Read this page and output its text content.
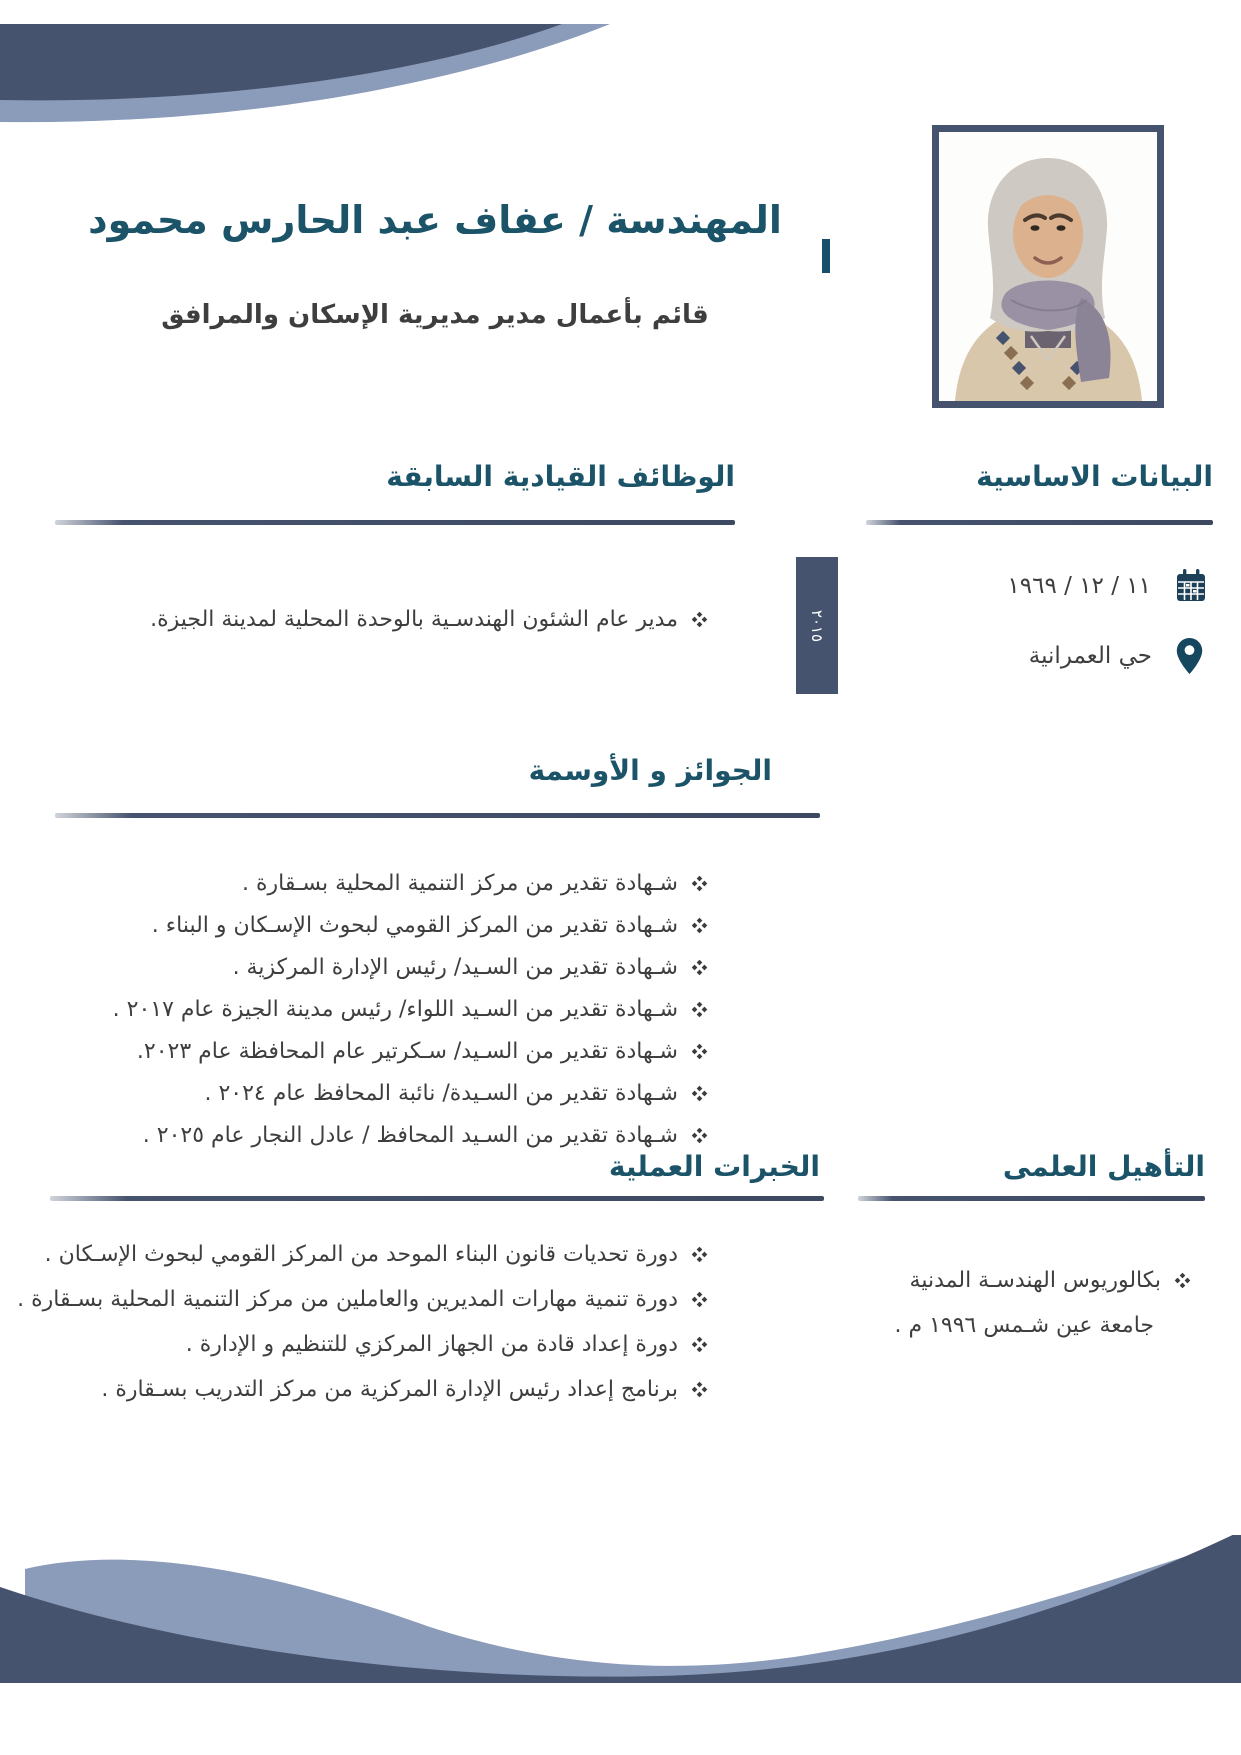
المهندسة / عفاف عبد الحارس محمود
قائم بأعمال مدير مديرية الإسكان والمرافق
البيانات الاساسية
١١ / ١٢ / ١٩٦٩
حي العمرانية
الوظائف القيادية السابقة
٢٠١٥
مدير عام الشئون الهندسـية بالوحدة المحلية لمدينة الجيزة.
الجوائز و الأوسمة
شـهادة تقدير من مركز التنمية المحلية بسـقارة .
شـهادة تقدير من المركز القومي لبحوث الإسـكان و البناء .
شـهادة تقدير من السـيد/ رئيس الإدارة المركزية .
شـهادة تقدير من السـيد اللواء/ رئيس مدينة الجيزة عام ٢٠١٧ .
شـهادة تقدير من السـيد/ سـكرتير عام المحافظة عام ٢٠٢٣.
شـهادة تقدير من السـيدة/ نائبة المحافظ عام ٢٠٢٤ .
شـهادة تقدير من السـيد المحافظ / عادل النجار عام ٢٠٢٥ .
التأهيل العلمى
بكالوريوس الهندسـة المدنية
جامعة عين شـمس ١٩٩٦ م .
الخبرات العملية
دورة تحديات قانون البناء الموحد من المركز القومي لبحوث الإسـكان .
دورة تنمية مهارات المديرين والعاملين من مركز التنمية المحلية بسـقارة .
دورة إعداد قادة من الجهاز المركزي للتنظيم و الإدارة .
برنامج إعداد رئيس الإدارة المركزية من مركز التدريب بسـقارة .
